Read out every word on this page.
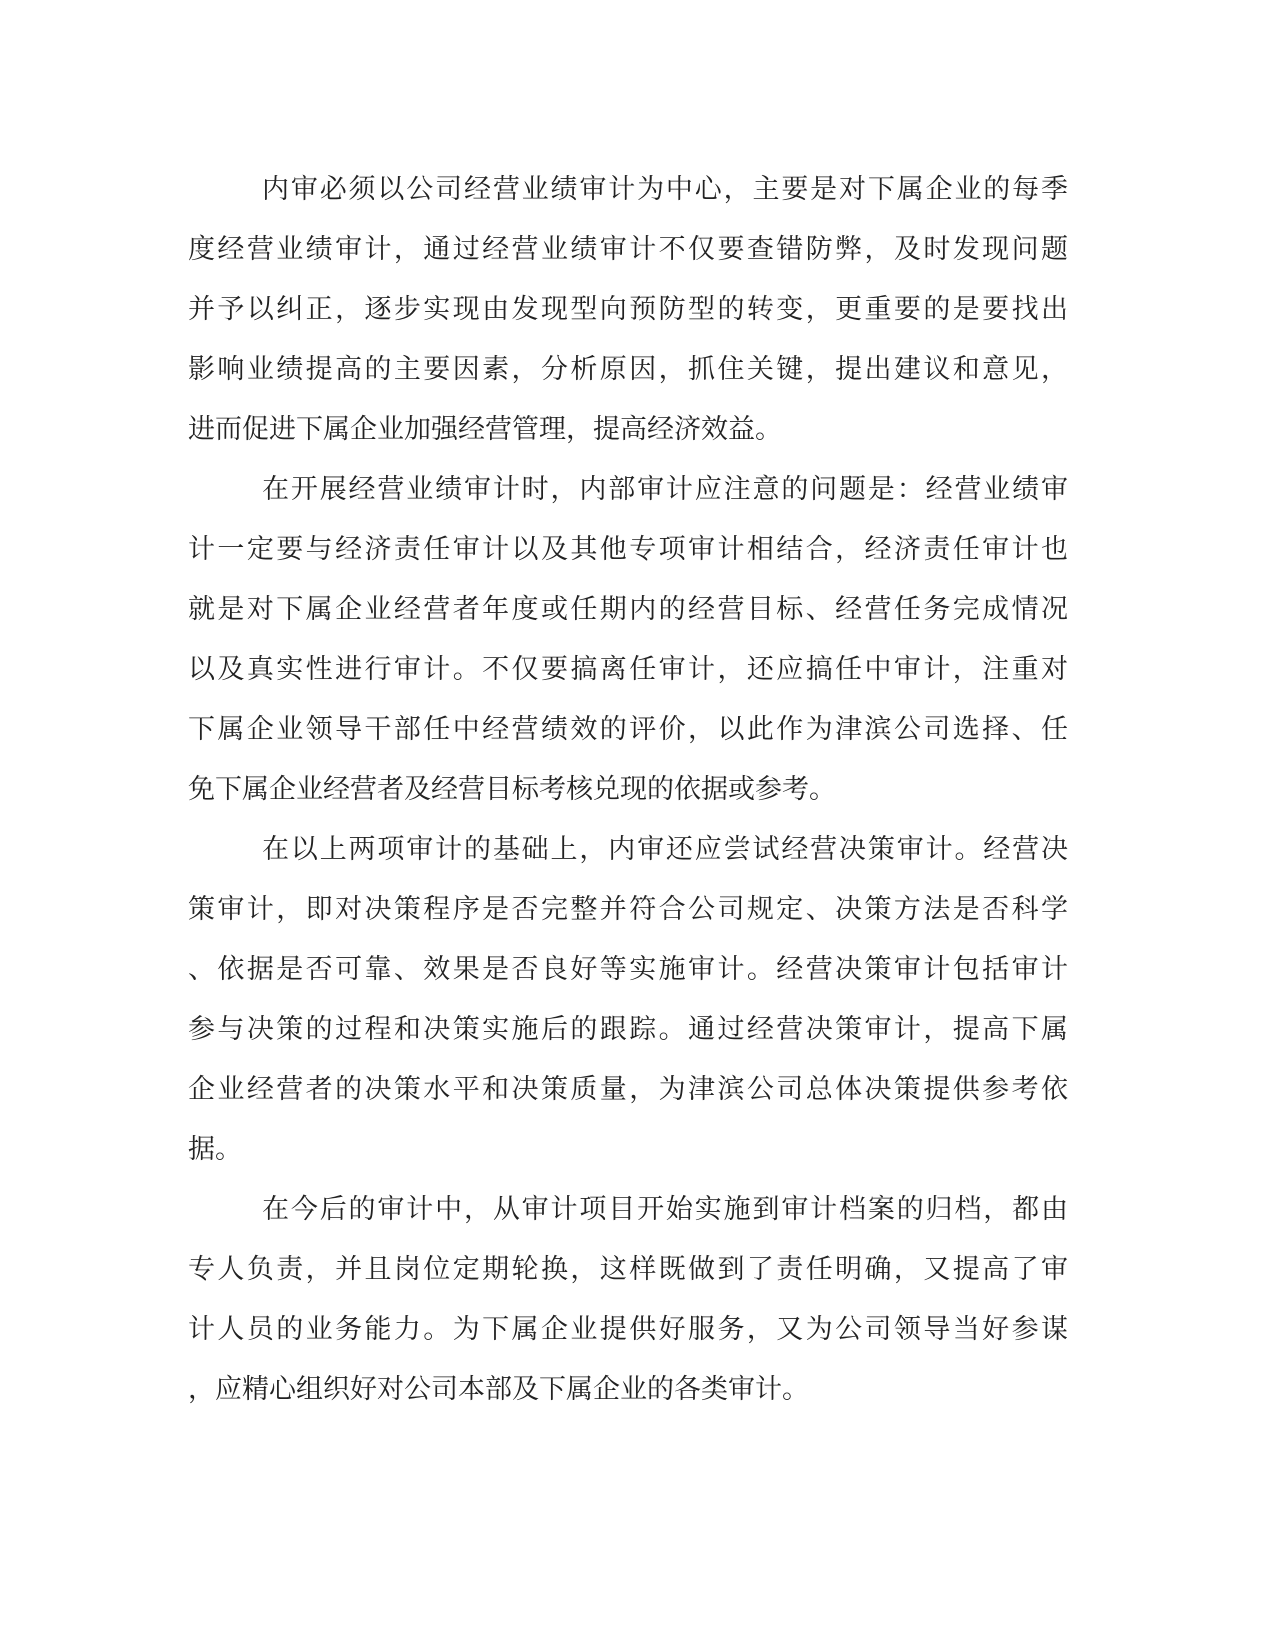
内审必须以公司经营业绩审计为中心，主要是对下属企业的每季
度经营业绩审计，通过经营业绩审计不仅要查错防弊，及时发现问题
并予以纠正，逐步实现由发现型向预防型的转变，更重要的是要找出
影响业绩提高的主要因素，分析原因，抓住关键，提出建议和意见，
进而促进下属企业加强经营管理，提高经济效益。
在开展经营业绩审计时，内部审计应注意的问题是：经营业绩审
计一定要与经济责任审计以及其他专项审计相结合，经济责任审计也
就是对下属企业经营者年度或任期内的经营目标、经营任务完成情况
以及真实性进行审计。不仅要搞离任审计，还应搞任中审计，注重对
下属企业领导干部任中经营绩效的评价，以此作为津滨公司选择、任
免下属企业经营者及经营目标考核兑现的依据或参考。
在以上两项审计的基础上，内审还应尝试经营决策审计。经营决
策审计，即对决策程序是否完整并符合公司规定、决策方法是否科学
、依据是否可靠、效果是否良好等实施审计。经营决策审计包括审计
参与决策的过程和决策实施后的跟踪。通过经营决策审计，提高下属
企业经营者的决策水平和决策质量，为津滨公司总体决策提供参考依
据。
在今后的审计中，从审计项目开始实施到审计档案的归档，都由
专人负责，并且岗位定期轮换，这样既做到了责任明确，又提高了审
计人员的业务能力。为下属企业提供好服务，又为公司领导当好参谋
，应精心组织好对公司本部及下属企业的各类审计。
